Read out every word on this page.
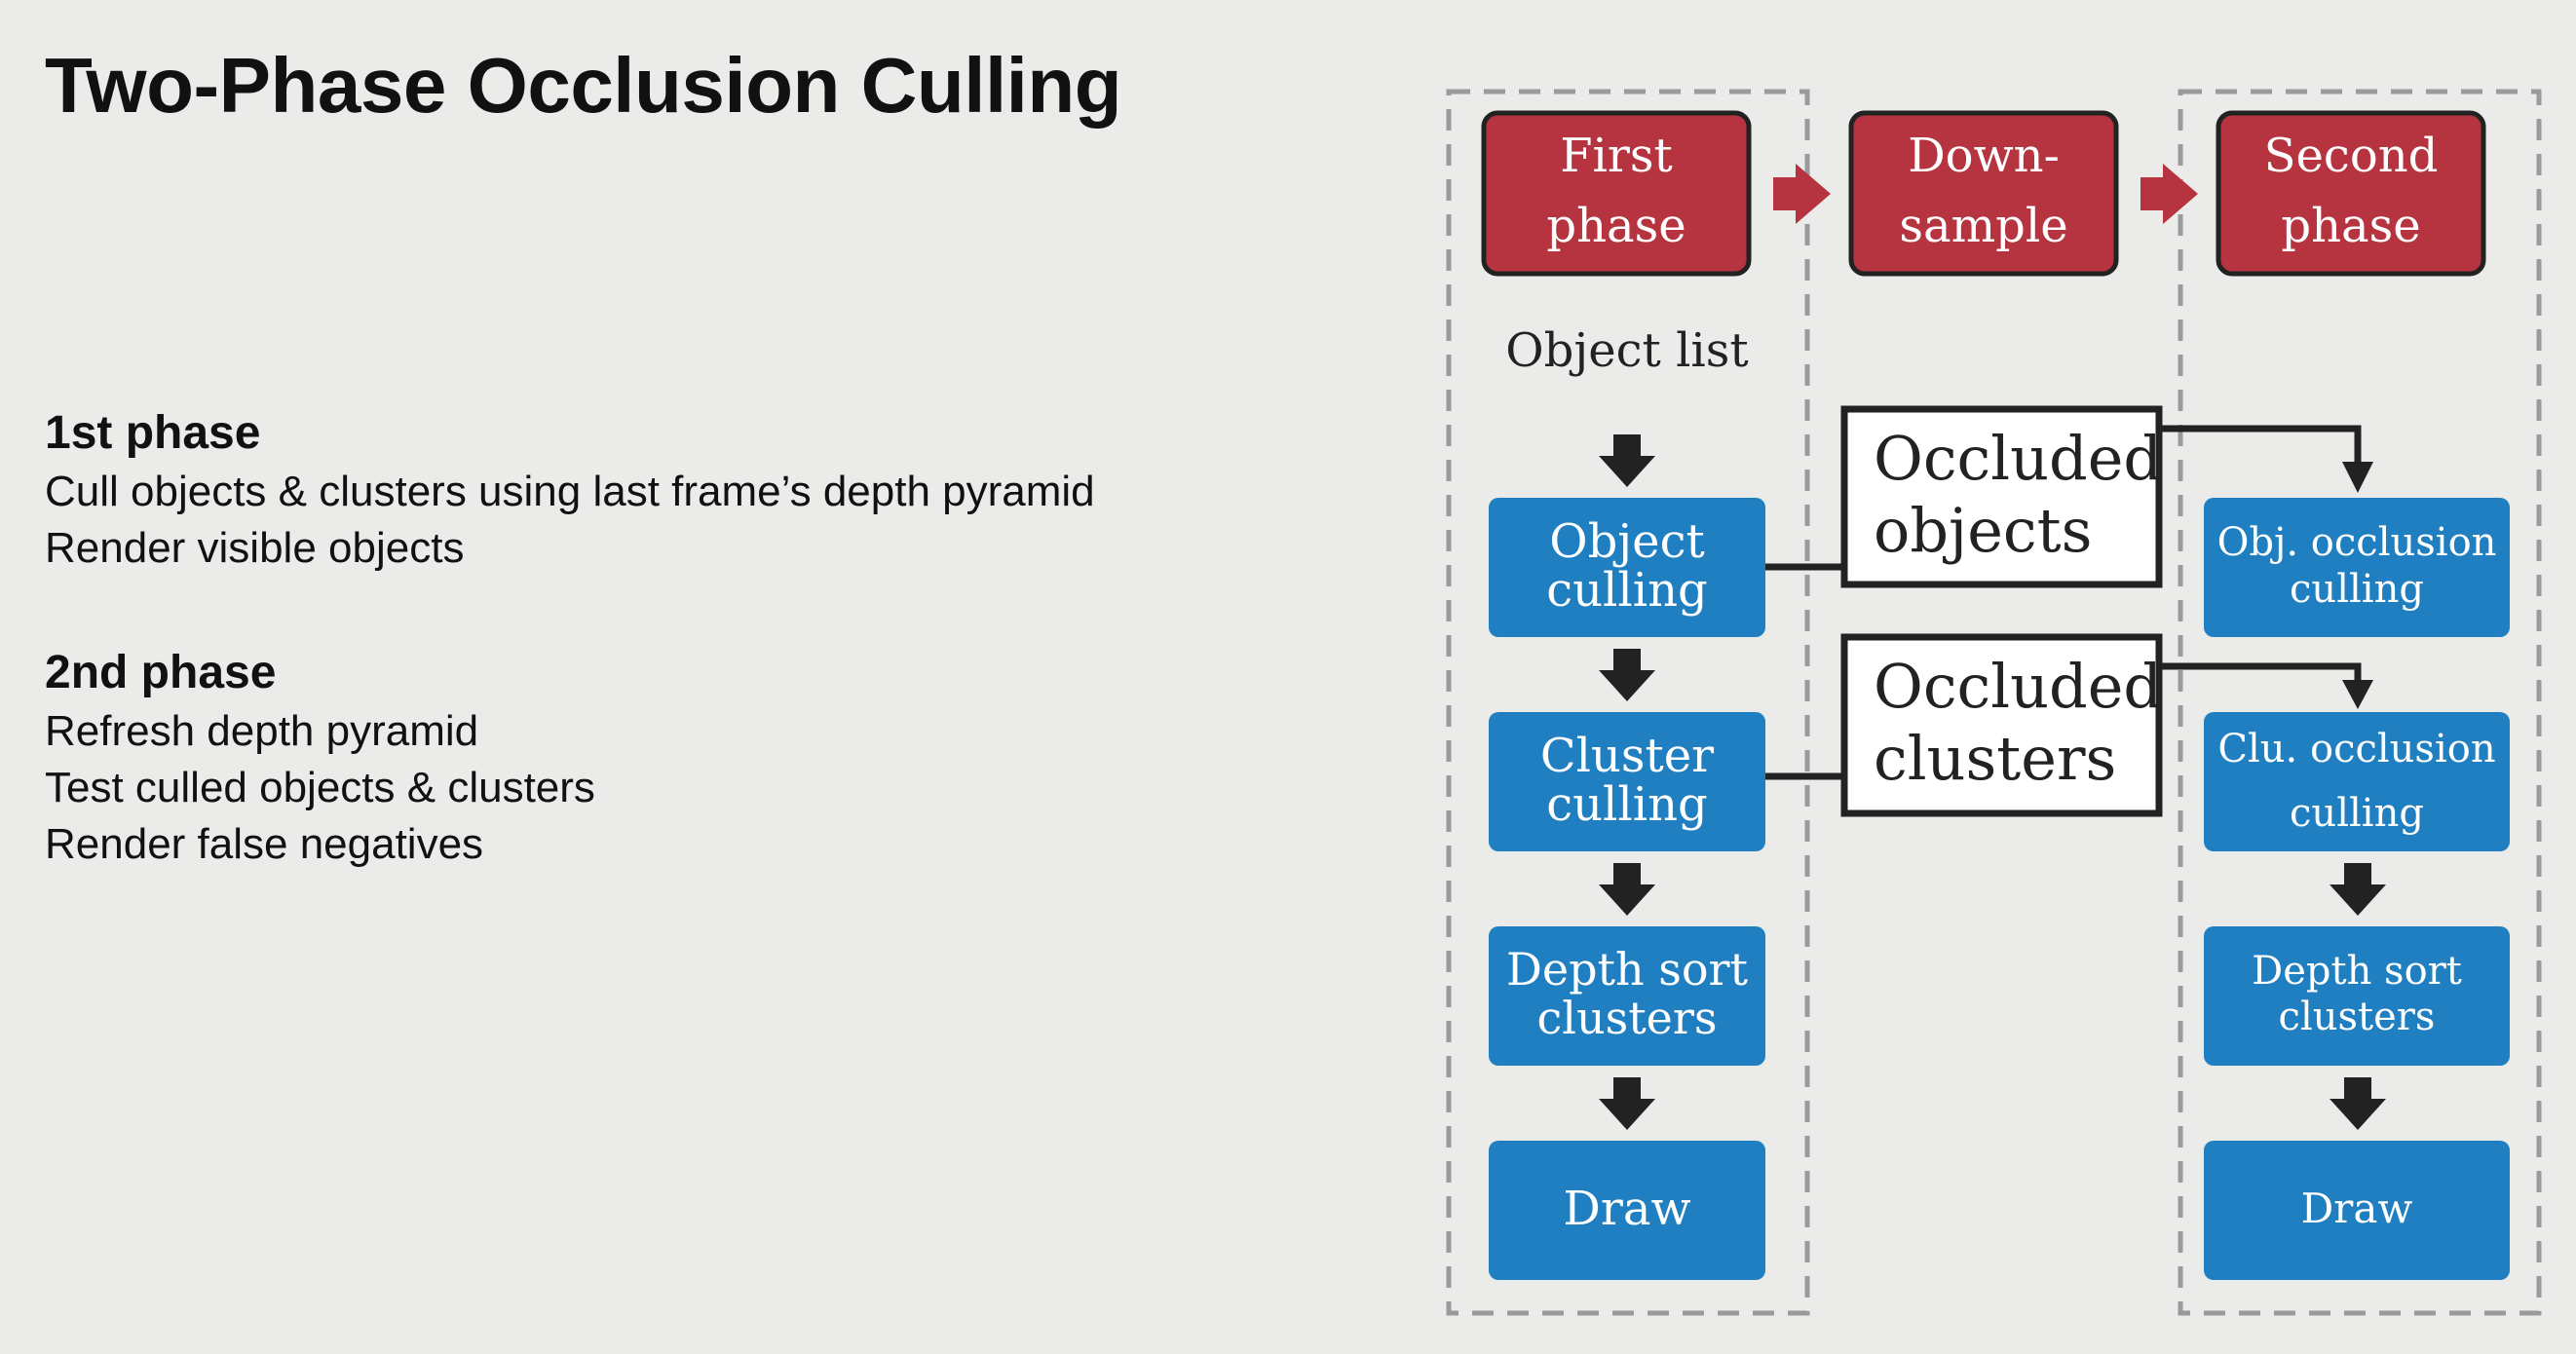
Two-Phase Occlusion Culling
1st phase
Cull objects & clusters using last frame’s depth pyramid
Render visible objects
2nd phase
Refresh depth pyramid
Test culled objects & clusters
Render false negatives
First
phase
Down-
sample
Second
phase
Object list
Object
culling
Cluster
culling
Depth sort
clusters
Draw
Occluded
objects
Occluded
clusters
Obj. occlusion
culling
Clu. occlusion
culling
Depth sort
clusters
Draw
